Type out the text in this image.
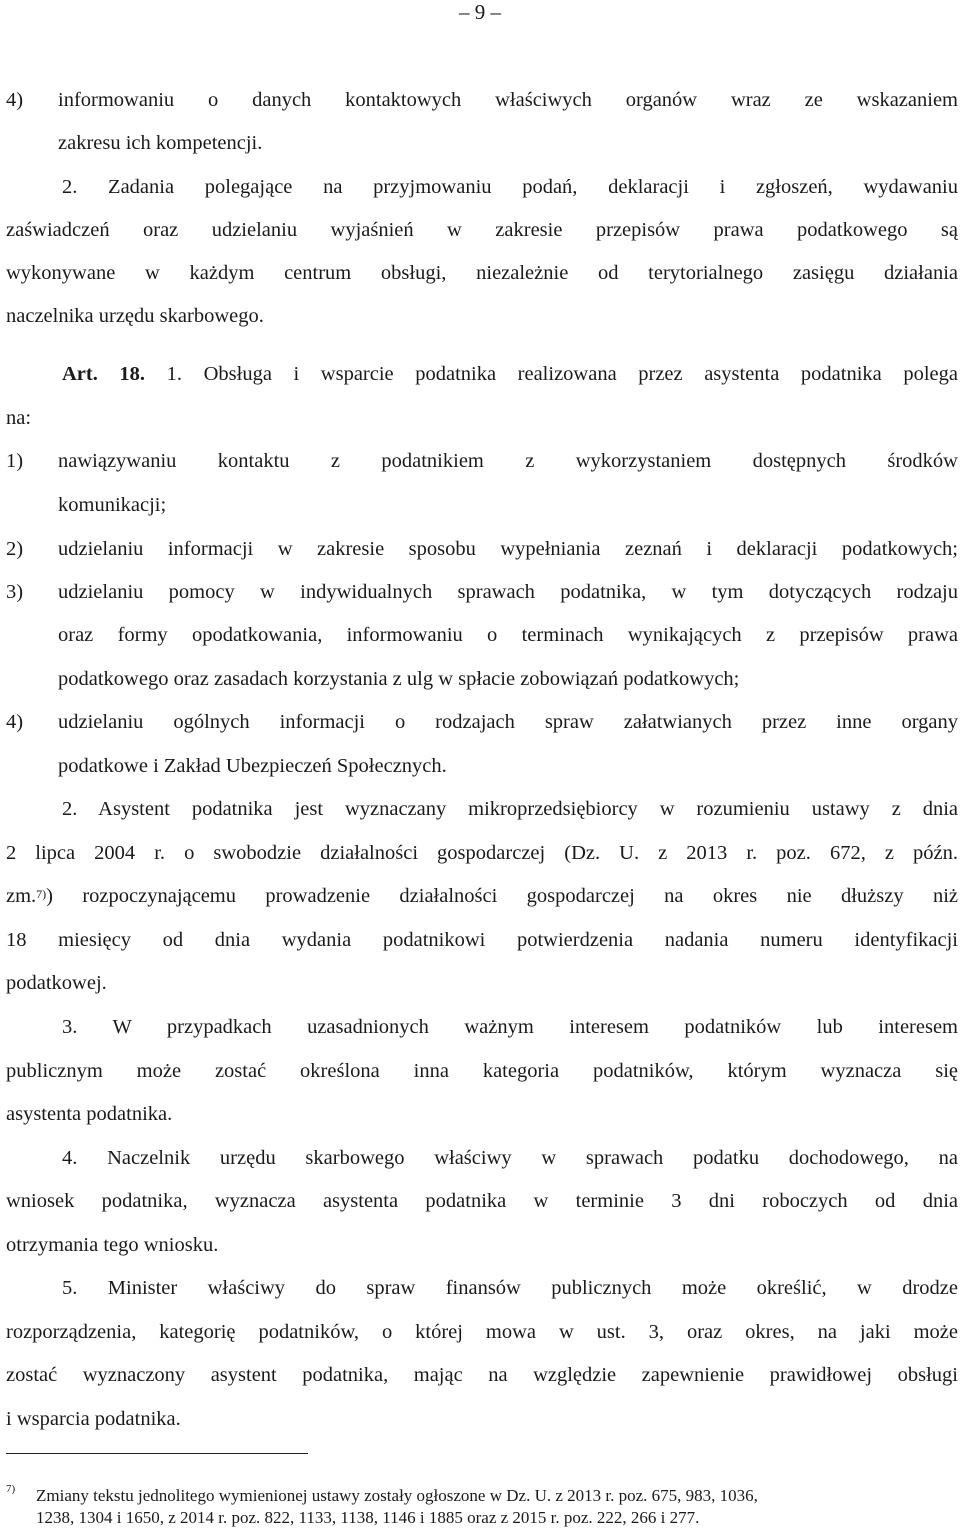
– 9 –
4) informowaniu o danych kontaktowych właściwych organów wraz ze wskazaniem
zakresu ich kompetencji.
2. Zadania polegające na przyjmowaniu podań, deklaracji i zgłoszeń, wydawaniu
zaświadczeń oraz udzielaniu wyjaśnień w zakresie przepisów prawa podatkowego są
wykonywane w każdym centrum obsługi, niezależnie od terytorialnego zasięgu działania
naczelnika urzędu skarbowego.
Art. 18. 1. Obsługa i wsparcie podatnika realizowana przez asystenta podatnika polega
na:
1) nawiązywaniu kontaktu z podatnikiem z wykorzystaniem dostępnych środków
komunikacji;
2) udzielaniu informacji w zakresie sposobu wypełniania zeznań i deklaracji podatkowych;
3) udzielaniu pomocy w indywidualnych sprawach podatnika, w tym dotyczących rodzaju
oraz formy opodatkowania, informowaniu o terminach wynikających z przepisów prawa
podatkowego oraz zasadach korzystania z ulg w spłacie zobowiązań podatkowych;
4) udzielaniu ogólnych informacji o rodzajach spraw załatwianych przez inne organy
podatkowe i Zakład Ubezpieczeń Społecznych.
2. Asystent podatnika jest wyznaczany mikroprzedsiębiorcy w rozumieniu ustawy z dnia
2 lipca 2004 r. o swobodzie działalności gospodarczej (Dz. U. z 2013 r. poz. 672, z późn.
zm.$^{7)}$) rozpoczynającemu prowadzenie działalności gospodarczej na okres nie dłuższy niż
18 miesięcy od dnia wydania podatnikowi potwierdzenia nadania numeru identyfikacji
podatkowej.
3. W przypadkach uzasadnionych ważnym interesem podatników lub interesem
publicznym może zostać określona inna kategoria podatników, którym wyznacza się
asystenta podatnika.
4. Naczelnik urzędu skarbowego właściwy w sprawach podatku dochodowego, na
wniosek podatnika, wyznacza asystenta podatnika w terminie 3 dni roboczych od dnia
otrzymania tego wniosku.
5. Minister właściwy do spraw finansów publicznych może określić, w drodze
rozporządzenia, kategorię podatników, o której mowa w ust. 3, oraz okres, na jaki może
zostać wyznaczony asystent podatnika, mając na względzie zapewnienie prawidłowej obsługi
i wsparcia podatnika.
7) Zmiany tekstu jednolitego wymienionej ustawy zostały ogłoszone w Dz. U. z 2013 r. poz. 675, 983, 1036,
1238, 1304 i 1650, z 2014 r. poz. 822, 1133, 1138, 1146 i 1885 oraz z 2015 r. poz. 222, 266 i 277.
